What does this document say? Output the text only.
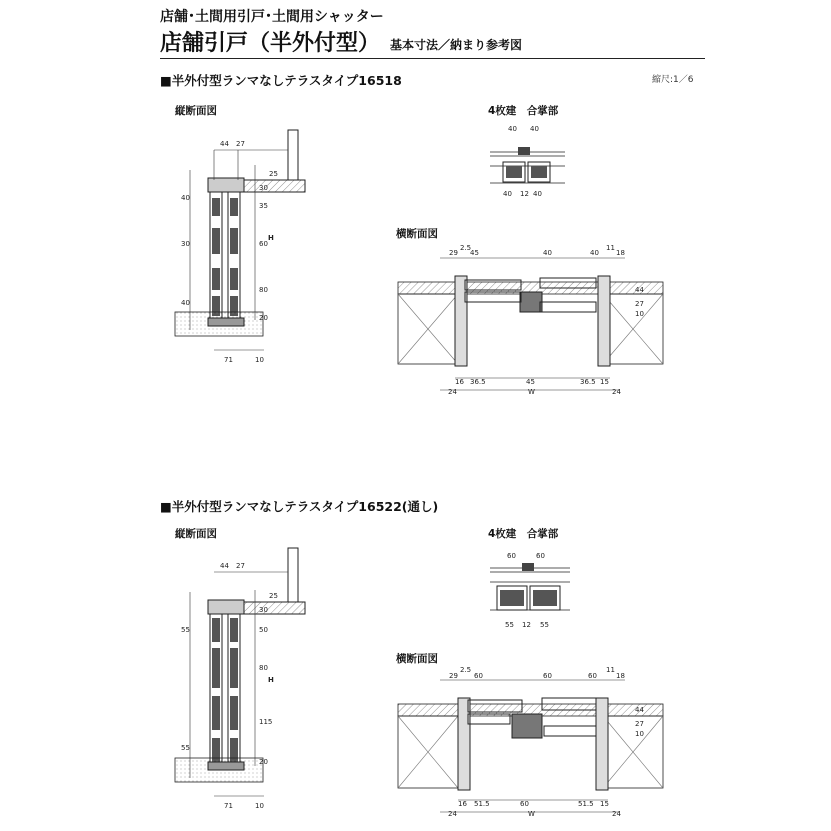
店舗･土間用引戸･土間用シャッター
店舗引戸（半外付型） 基本寸法／納まり参考図
縮尺:1／6
■半外付型ランマなしテラスタイプ16518
縦断面図	4枚建　合掌部
横断面図
■半外付型ランマなしテラスタイプ16522(通し)
縦断面図	4枚建　合掌部
横断面図
44 27
25
30
35
60
80
20
71	10
H
40
30
40
40 40
40 12 40
29
2.5
45	40	40
11
18
44
27
10
16 36.5	45	36.5 15
24	W	24
44 27
25
30
50
80
115
20
71	10
H
55
55
60	60
55 12 55
29
2.5
60	60	60
11
18
44
27
10
16 51.5	60	51.5 15
24	W	24
